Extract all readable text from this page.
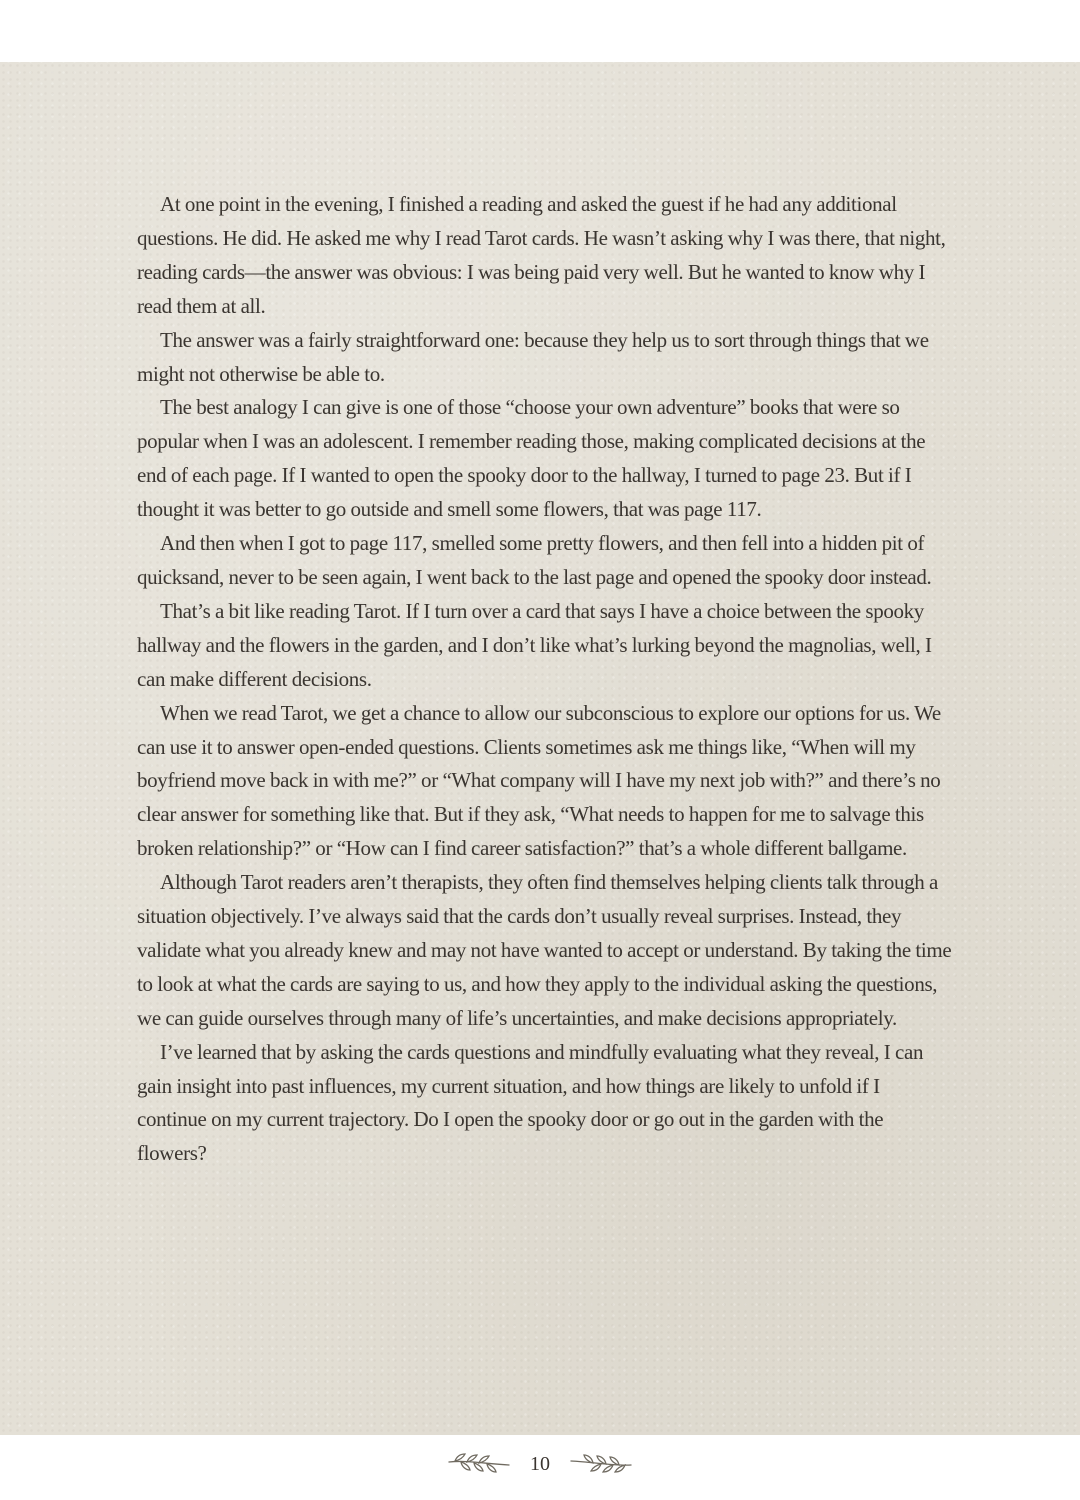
At one point in the evening, I finished a reading and asked the guest if he had any additional questions. He did. He asked me why I read Tarot cards. He wasn’t asking why I was there, that night, reading cards—the answer was obvious: I was being paid very well. But he wanted to know why I read them at all.

The answer was a fairly straightforward one: because they help us to sort through things that we might not otherwise be able to.

The best analogy I can give is one of those “choose your own adventure” books that were so popular when I was an adolescent. I remember reading those, making complicated decisions at the end of each page. If I wanted to open the spooky door to the hallway, I turned to page 23. But if I thought it was better to go outside and smell some flowers, that was page 117.

And then when I got to page 117, smelled some pretty flowers, and then fell into a hidden pit of quicksand, never to be seen again, I went back to the last page and opened the spooky door instead.

That’s a bit like reading Tarot. If I turn over a card that says I have a choice between the spooky hallway and the flowers in the garden, and I don’t like what’s lurking beyond the magnolias, well, I can make different decisions.

When we read Tarot, we get a chance to allow our subconscious to explore our options for us. We can use it to answer open-ended questions. Clients sometimes ask me things like, “When will my boyfriend move back in with me?” or “What company will I have my next job with?” and there’s no clear answer for something like that. But if they ask, “What needs to happen for me to salvage this broken relationship?” or “How can I find career satisfaction?” that’s a whole different ballgame.

Although Tarot readers aren’t therapists, they often find themselves helping clients talk through a situation objectively. I’ve always said that the cards don’t usually reveal surprises. Instead, they validate what you already knew and may not have wanted to accept or understand. By taking the time to look at what the cards are saying to us, and how they apply to the individual asking the questions, we can guide ourselves through many of life’s uncertainties, and make decisions appropriately.

I’ve learned that by asking the cards questions and mindfully evaluating what they reveal, I can gain insight into past influences, my current situation, and how things are likely to unfold if I continue on my current trajectory. Do I open the spooky door or go out in the garden with the flowers?

10
